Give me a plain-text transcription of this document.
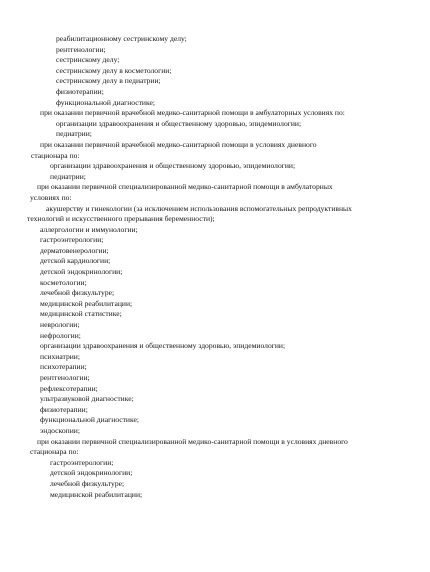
реабилитационному сестринскому делу;
рентгенологии;
сестринскому делу;
сестринскому делу в косметологии;
сестринскому делу в педиатрии;
физиотерапии;
функциональной диагностике;
при оказании первичной врачебной медико-санитарной помощи в амбулаторных условиях по:
организации здравоохранения и общественному здоровью, эпидемиологии;
педиатрии;
при оказании первичной врачебной медико-санитарной помощи в условиях дневного
стационара по:
организации здравоохранения и общественному здоровью, эпидемиологии;
педиатрии;
при оказании первичной специализированной медико-санитарной помощи в амбулаторных
условиях по:
акушерству и гинекологии (за исключением использования вспомогательных репродуктивных
технологий и искусственного прерывания беременности);
аллергологии и иммунологии;
гастроэнтерологии;
дерматовенерологии;
детской кардиологии;
детской эндокринологии;
косметологии;
лечебной физкультуре;
медицинской реабилитации;
медицинской статистике;
неврологии;
нефрологии;
организации здравоохранения и общественному здоровью, эпидемиологии;
психиатрии;
психотерапии;
рентгенологии;
рефлексотерапии;
ультразвуковой диагностике;
физиотерапии;
функциональной диагностике;
эндоскопии;
при оказании первичной специализированной медико-санитарной помощи в условиях дневного
стационара по:
гастроэнтерологии;
детской эндокринологии;
лечебной физкультуре;
медицинской реабилитации;
